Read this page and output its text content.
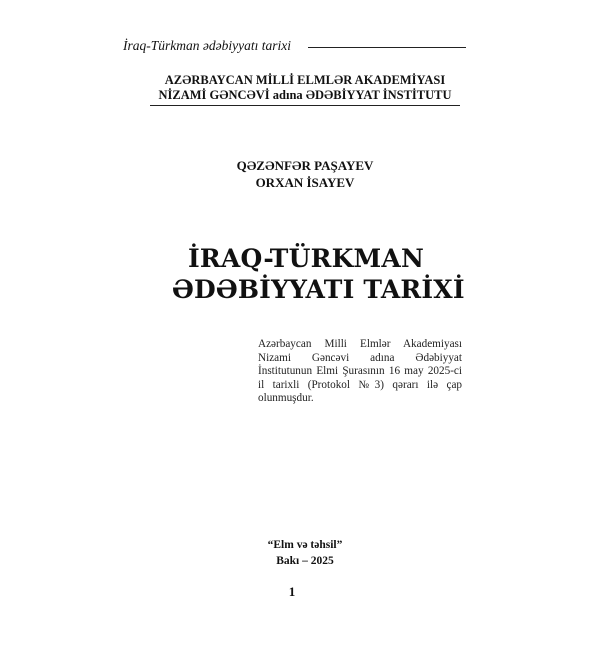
İraq-Türkman ədəbiyyatı tarixi
AZƏRBAYCAN MİLLİ ELMLƏR AKADEMİYASI
NİZAMİ GƏNCƏVİ adına ƏDƏBİYYAT İNSTİTUTU
QƏZƏNFƏR PAŞAYEV
ORXAN İSAYEV
İRAQ-TÜRKMAN
ƏDƏBİYYATI TARİXİ
Azərbaycan Milli Elmlər Akademiyası Nizami Gəncəvi adına Ədəbiyyat İnstitutunun Elmi Şurasının 16 may 2025-ci il tarixli (Protokol №3) qərarı ilə çap olunmuşdur.
“Elm və təhsil”
Bakı – 2025
1
